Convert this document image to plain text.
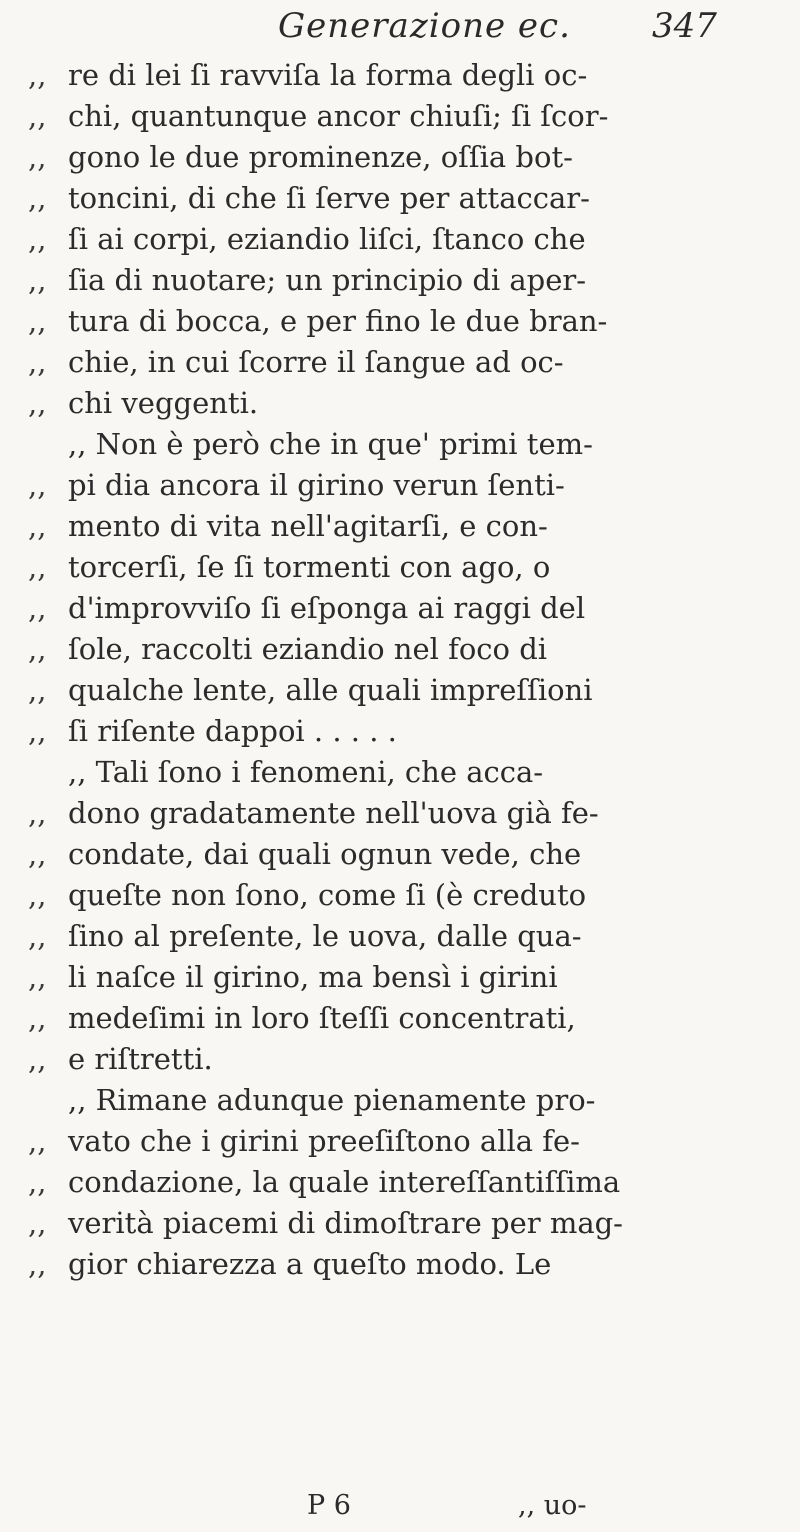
Generazione ec. 347
,, re di lei ſi ravviſa la forma degli oc-
,, chi, quantunque ancor chiuſi; ſi ſcor-
,, gono le due prominenze, oſſia bot-
,, toncini, di che ſi ſerve per attaccar-
,, ſi ai corpi, eziandio liſci, ſtanco che
,, ſia di nuotare; un principio di aper-
,, tura di bocca, e per fino le due bran-
,, chie, in cui ſcorre il ſangue ad oc-
,, chi veggenti.
,, Non è però che in que' primi tem-
,, pi dia ancora il girino verun ſenti-
,, mento di vita nell'agitarſi, e con-
,, torcerſi, ſe ſi tormenti con ago, o
,, d'improvviſo ſi eſponga ai raggi del
,, ſole, raccolti eziandio nel foco di
,, qualche lente, alle quali impreſſioni
,, ſi riſente dappoi . . . . .
,, Tali ſono i fenomeni, che acca-
,, dono gradatamente nell'uova già fe-
,, condate, dai quali ognun vede, che
,, queſte non ſono, come ſi (è creduto
,, ſino al preſente, le uova, dalle qua-
,, li naſce il girino, ma bensì i girini
,, medeſimi in loro ſteſſi concentrati,
,, e riſtretti.
,, Rimane adunque pienamente pro-
,, vato che i girini preeſiſtono alla fe-
,, condazione, la quale intereſſantiſſima
,, verità piacemi di dimoſtrare per mag-
,, gior chiarezza a queſto modo. Le
P 6	,, uo-
